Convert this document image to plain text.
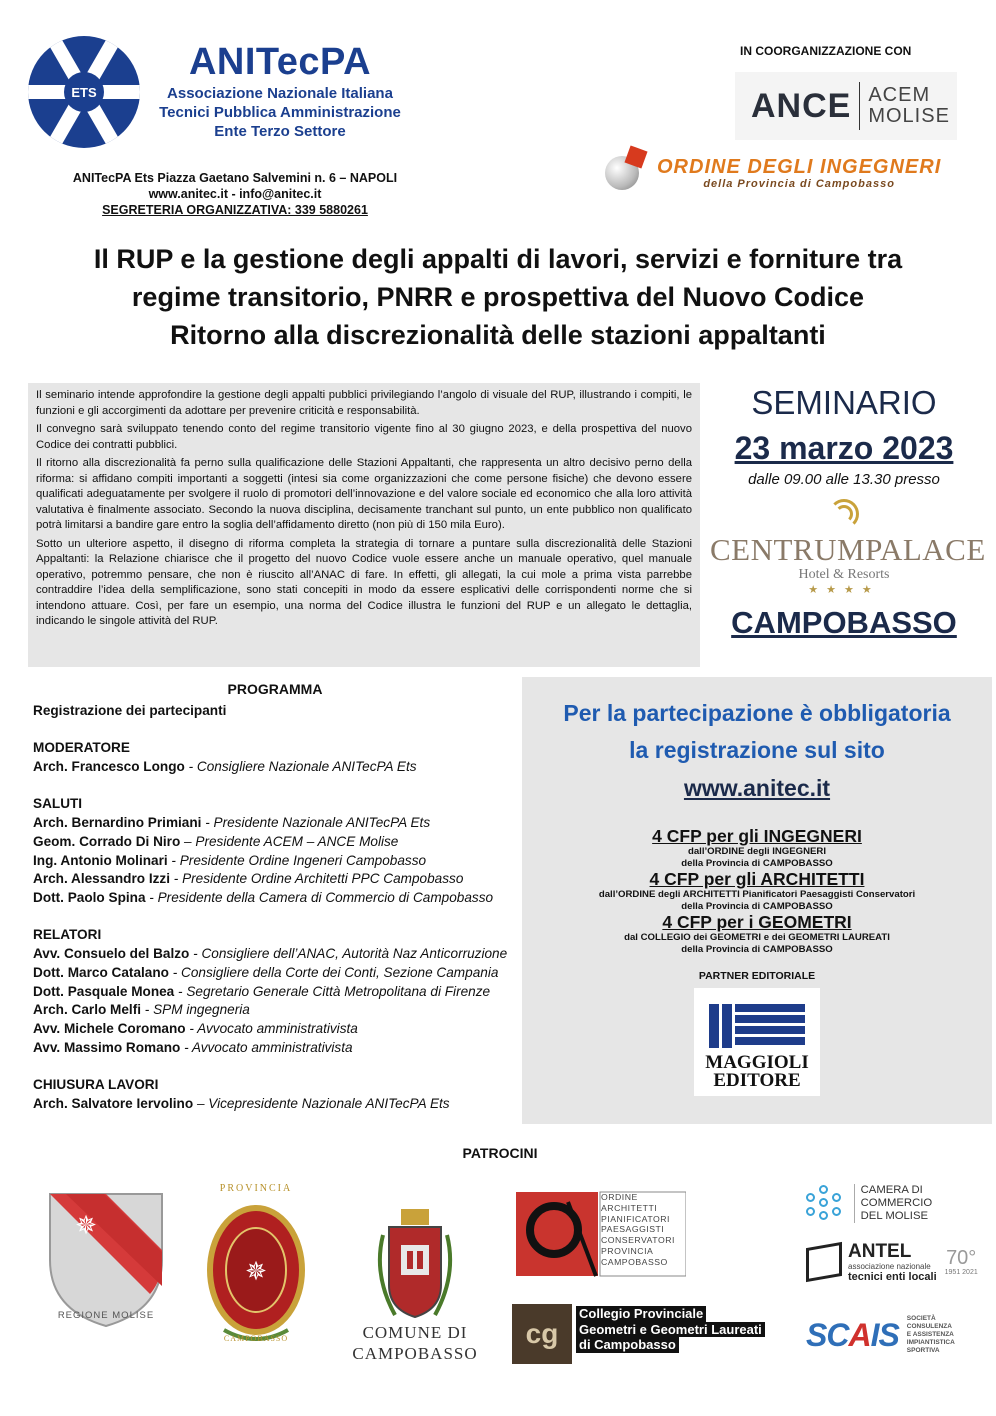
ETS
ANITecPA
Associazione Nazionale Italiana
Tecnici Pubblica Amministrazione
Ente Terzo Settore
ANITecPA Ets Piazza Gaetano Salvemini n. 6 – NAPOLI
www.anitec.it - info@anitec.it
SEGRETERIA ORGANIZZATIVA: 339 5880261
IN COORGANIZZAZIONE CON
ANCE ACEM
MOLISE
ORDINE DEGLI INGEGNERI
della Provincia di Campobasso
Il RUP e la gestione degli appalti di lavori, servizi e forniture tra
regime transitorio, PNRR e prospettiva del Nuovo Codice
Ritorno alla discrezionalità delle stazioni appaltanti

Il seminario intende approfondire la gestione degli appalti pubblici privilegiando l’angolo di visuale del RUP, illustrando i compiti, le funzioni e gli accorgimenti da adottare per prevenire criticità e responsabilità.

Il convegno sarà sviluppato tenendo conto del regime transitorio vigente fino al 30 giugno 2023, e della prospettiva del nuovo Codice dei contratti pubblici.

Il ritorno alla discrezionalità fa perno sulla qualificazione delle Stazioni Appaltanti, che rappresenta un altro decisivo perno della riforma: si affidano compiti importanti a soggetti (intesi sia come organizzazioni che come persone fisiche) che devono essere qualificati adeguatamente per svolgere il ruolo di promotori dell’innovazione e del valore sociale ed economico che alla loro attività valutativa è finalmente associato. Secondo la nuova disciplina, decisamente tranchant sul punto, un ente pubblico non qualificato potrà limitarsi a bandire gare entro la soglia dell’affidamento diretto (non più di 150 mila Euro).

Sotto un ulteriore aspetto, il disegno di riforma completa la strategia di tornare a puntare sulla discrezionalità delle Stazioni Appaltanti: la Relazione chiarisce che il progetto del nuovo Codice vuole essere anche un manuale operativo, quel manuale operativo, potremmo pensare, che non è riuscito all’ANAC di fare. In effetti, gli allegati, la cui mole a prima vista parrebbe contraddire l’idea della semplificazione, sono stati concepiti in modo da essere esplicativi delle corrispondenti norme che si intendono attuare. Così, per fare un esempio, una norma del Codice illustra le funzioni del RUP e un allegato le dettaglia, indicando le singole attività del RUP.

SEMINARIO
23 marzo 2023
dalle 09.00 alle 13.30 presso
CENTRUMPALACE
Hotel & Resorts
★★★★
CAMPOBASSO
PROGRAMMA
Registrazione dei partecipanti
MODERATORE
Arch. Francesco Longo - Consigliere Nazionale ANITecPA Ets
SALUTI
Arch. Bernardino Primiani - Presidente Nazionale ANITecPA Ets
Geom. Corrado Di Niro – Presidente ACEM – ANCE Molise
Ing. Antonio Molinari - Presidente Ordine Ingeneri Campobasso
Arch. Alessandro Izzi - Presidente Ordine Architetti PPC Campobasso
Dott. Paolo Spina - Presidente della Camera di Commercio di Campobasso
RELATORI
Avv. Consuelo del Balzo - Consigliere dell’ANAC, Autorità Naz Anticorruzione
Dott. Marco Catalano - Consigliere della Corte dei Conti, Sezione Campania
Dott. Pasquale Monea - Segretario Generale Città Metropolitana di Firenze
Arch. Carlo Melfi - SPM ingegneria
Avv. Michele Coromano - Avvocato amministrativista
Avv. Massimo Romano - Avvocato amministrativista
CHIUSURA LAVORI
Arch. Salvatore Iervolino – Vicepresidente Nazionale ANITecPA Ets
Per la partecipazione è obbligatoria
la registrazione sul sito
www.anitec.it
4 CFP per gli INGEGNERI
dall’ORDINE degli INGEGNERI
della Provincia di CAMPOBASSO
4 CFP per gli ARCHITETTI
dall’ORDINE degli ARCHITETTI Pianificatori Paesaggisti Conservatori
della Provincia di CAMPOBASSO
4 CFP per i GEOMETRI
dal COLLEGIO dei GEOMETRI e dei GEOMETRI LAUREATI
della Provincia di CAMPOBASSO
PARTNER EDITORIALE
MAGGIOLI
EDITORE
PATROCINI
✵
REGIONE MOLISE
✵
PROVINCIA
CAMPOBASSO	COMUNE DI
CAMPOBASSO
ORDINE
ARCHITETTI
PIANIFICATORI
PAESAGGISTI
CONSERVATORI
PROVINCIA
CAMPOBASSO
cg
Collegio Provinciale
Geometri e Geometri Laureati
di Campobasso
CAMERA DI COMMERCIO
DEL MOLISE
ANTEL
associazione nazionale
tecnici enti locali
70°
1951 2021
SCAIS SOCIETÀ
CONSULENZA
E ASSISTENZA
IMPIANTISTICA
SPORTIVA
